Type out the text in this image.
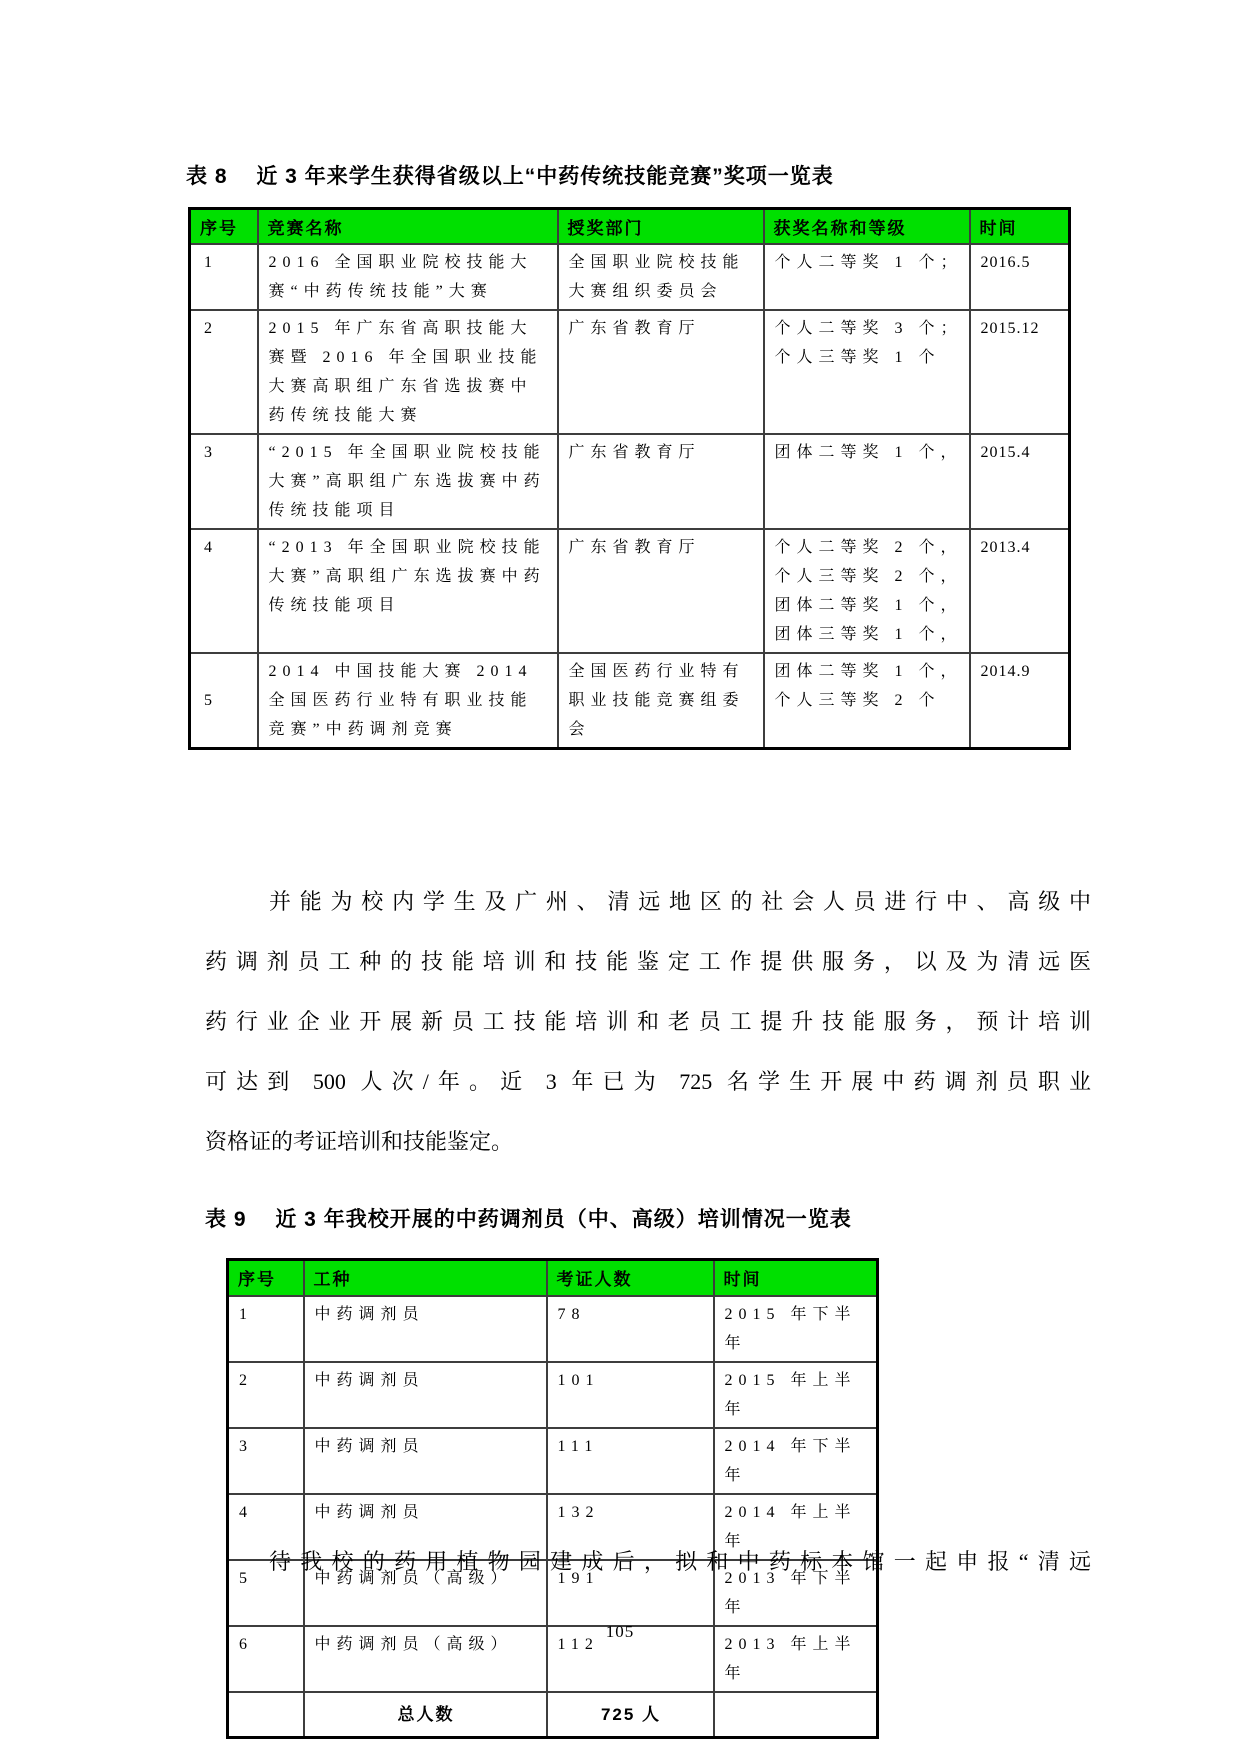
表 8　 近 3 年来学生获得省级以上“中药传统技能竞赛”奖项一览表
序号	竞赛名称	授奖部门	获奖名称和等级	时间
1	2016 全国职业院校技能大赛“中药传统技能”大赛	全国职业院校技能大赛组织委员会	个人二等奖 1 个；	2016.5
2	2015 年广东省高职技能大赛暨 2016 年全国职业技能大赛高职组广东省选拔赛中药传统技能大赛	广东省教育厅	个人二等奖 3 个；
个人三等奖 1 个	2015.12
3	“2015 年全国职业院校技能大赛”高职组广东选拔赛中药传统技能项目	广东省教育厅	团体二等奖 1 个，	2015.4
4	“2013 年全国职业院校技能大赛”高职组广东选拔赛中药传统技能项目	广东省教育厅	个人二等奖 2 个，
个人三等奖 2 个，
团体二等奖 1 个，
团体三等奖 1 个，	2013.4
5	2014 中国技能大赛 2014 全国医药行业特有职业技能竞赛”中药调剂竞赛	全国医药行业特有职业技能竞赛组委会	团体二等奖 1 个，
个人三等奖 2 个	2014.9
并能为校内学生及广州、清远地区的社会人员进行中、高级中
药调剂员工种的技能培训和技能鉴定工作提供服务，以及为清远医
药行业企业开展新员工技能培训和老员工提升技能服务，预计培训
可达到 500 人次/年。近 3 年已为 725 名学生开展中药调剂员职业
资格证的考证培训和技能鉴定。
表 9　 近 3 年我校开展的中药调剂员（中、高级）培训情况一览表
序号	工种	考证人数	时间
1	中药调剂员	78	2015 年下半年
2	中药调剂员	101	2015 年上半年
3	中药调剂员	111	2014 年下半年
4	中药调剂员	132	2014 年上半年
5	中药调剂员（高级）	191	2013 年下半年
6	中药调剂员（高级）	112	2013 年上半年
	总人数	725 人	
待我校的药用植物园建成后，拟和中药标本馆一起申报“清远
105
